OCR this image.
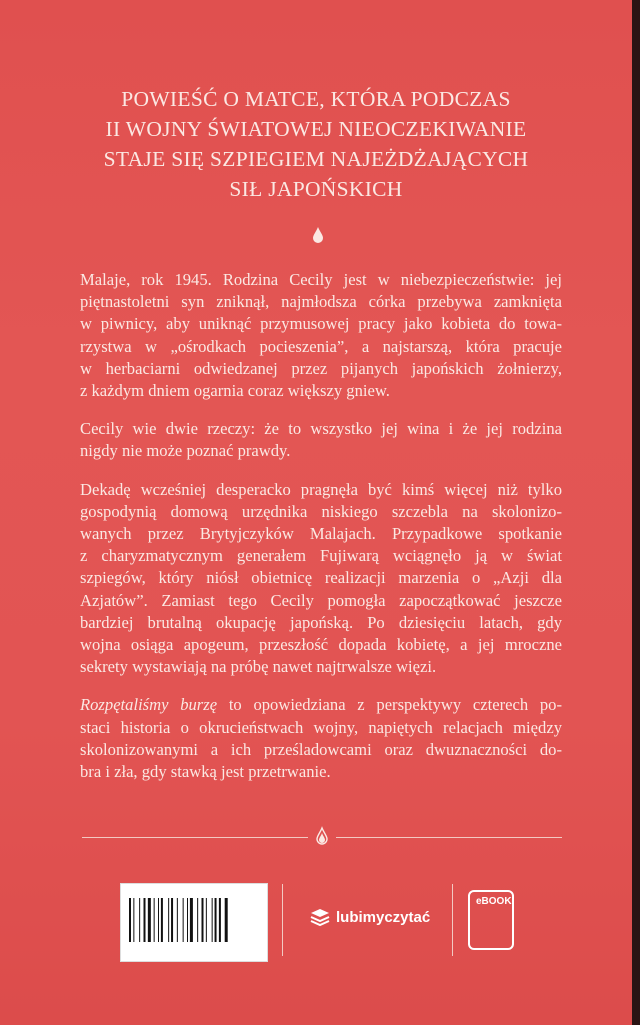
POWIEŚĆ O MATCE, KTÓRA PODCZAS
II WOJNY ŚWIATOWEJ NIEOCZEKIWANIE
STAJE SIĘ SZPIEGIEM NAJEŻDŻAJĄCYCH
SIŁ JAPOŃSKICH

Malaje, rok 1945. Rodzina Cecily jest w niebezpieczeństwie: jej
piętnastoletni syn zniknął, najmłodsza córka przebywa zamknięta
w piwnicy, aby uniknąć przymusowej pracy jako kobieta do towa-
rzystwa w „ośrodkach pocieszenia”, a najstarszą, która pracuje
w herbaciarni odwiedzanej przez pijanych japońskich żołnierzy,
z każdym dniem ogarnia coraz większy gniew.

Cecily wie dwie rzeczy: że to wszystko jej wina i że jej rodzina
nigdy nie może poznać prawdy.

Dekadę wcześniej desperacko pragnęła być kimś więcej niż tylko
gospodynią domową urzędnika niskiego szczebla na skolonizo-
wanych przez Brytyjczyków Malajach. Przypadkowe spotkanie
z charyzmatycznym generałem Fujiwarą wciągnęło ją w świat
szpiegów, który niósł obietnicę realizacji marzenia o „Azji dla
Azjatów”. Zamiast tego Cecily pomogła zapoczątkować jeszcze
bardziej brutalną okupację japońską. Po dziesięciu latach, gdy
wojna osiąga apogeum, przeszłość dopada kobietę, a jej mroczne
sekrety wystawiają na próbę nawet najtrwalsze więzi.

Rozpętaliśmy burzę to opowiedziana z perspektywy czterech po-
staci historia o okrucieństwach wojny, napiętych relacjach między
skolonizowanymi a ich prześladowcami oraz dwuznaczności do-
bra i zła, gdy stawką jest przetrwanie.

lubimyczytać
eBOOK
